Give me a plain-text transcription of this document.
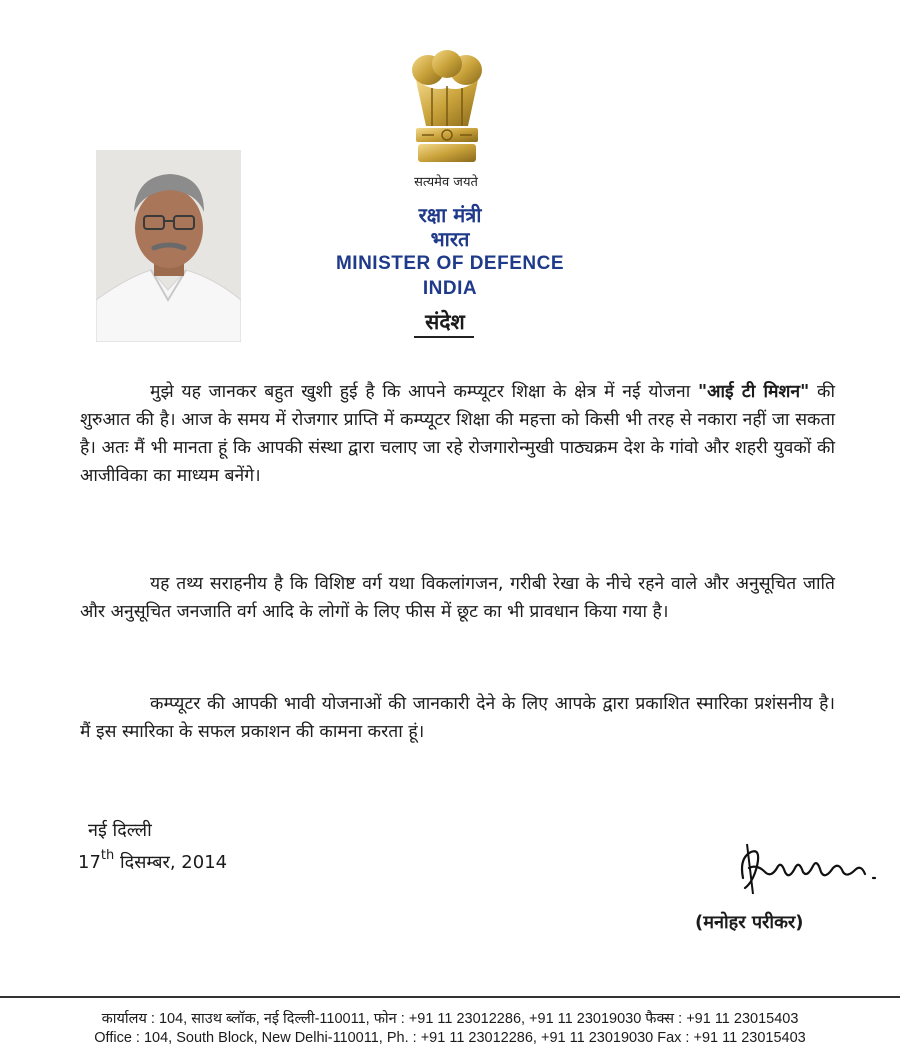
सत्यमेव जयते
रक्षा मंत्री
भारत
MINISTER OF DEFENCE
INDIA
संदेश
मुझे यह जानकर बहुत खुशी हुई है कि आपने कम्प्यूटर शिक्षा के क्षेत्र में नई योजना "आई टी मिशन" की शुरुआत की है। आज के समय में रोजगार प्राप्ति में कम्प्यूटर शिक्षा की महत्ता को किसी भी तरह से नकारा नहीं जा सकता है। अतः मैं भी मानता हूं कि आपकी संस्था द्वारा चलाए जा रहे रोजगारोन्मुखी पाठ्यक्रम देश के गांवो और शहरी युवकों की आजीविका का माध्यम बनेंगे।
यह तथ्य सराहनीय है कि विशिष्ट वर्ग यथा विकलांगजन, गरीबी रेखा के नीचे रहने वाले और अनुसूचित जाति और अनुसूचित जनजाति वर्ग आदि के लोगों के लिए फीस में छूट का भी प्रावधान किया गया है।
कम्प्यूटर की आपकी भावी योजनाओं की जानकारी देने के लिए आपके द्वारा प्रकाशित स्मारिका प्रशंसनीय है। मैं इस स्मारिका के सफल प्रकाशन की कामना करता हूं।
नई दिल्ली
17th दिसम्बर, 2014
(मनोहर परीकर)
कार्यालय : 104, साउथ ब्लॉक, नई दिल्ली-110011, फोन : +91 11 23012286, +91 11 23019030 फैक्स : +91 11 23015403
Office : 104, South Block, New Delhi-110011, Ph. : +91 11 23012286, +91 11 23019030 Fax : +91 11 23015403
